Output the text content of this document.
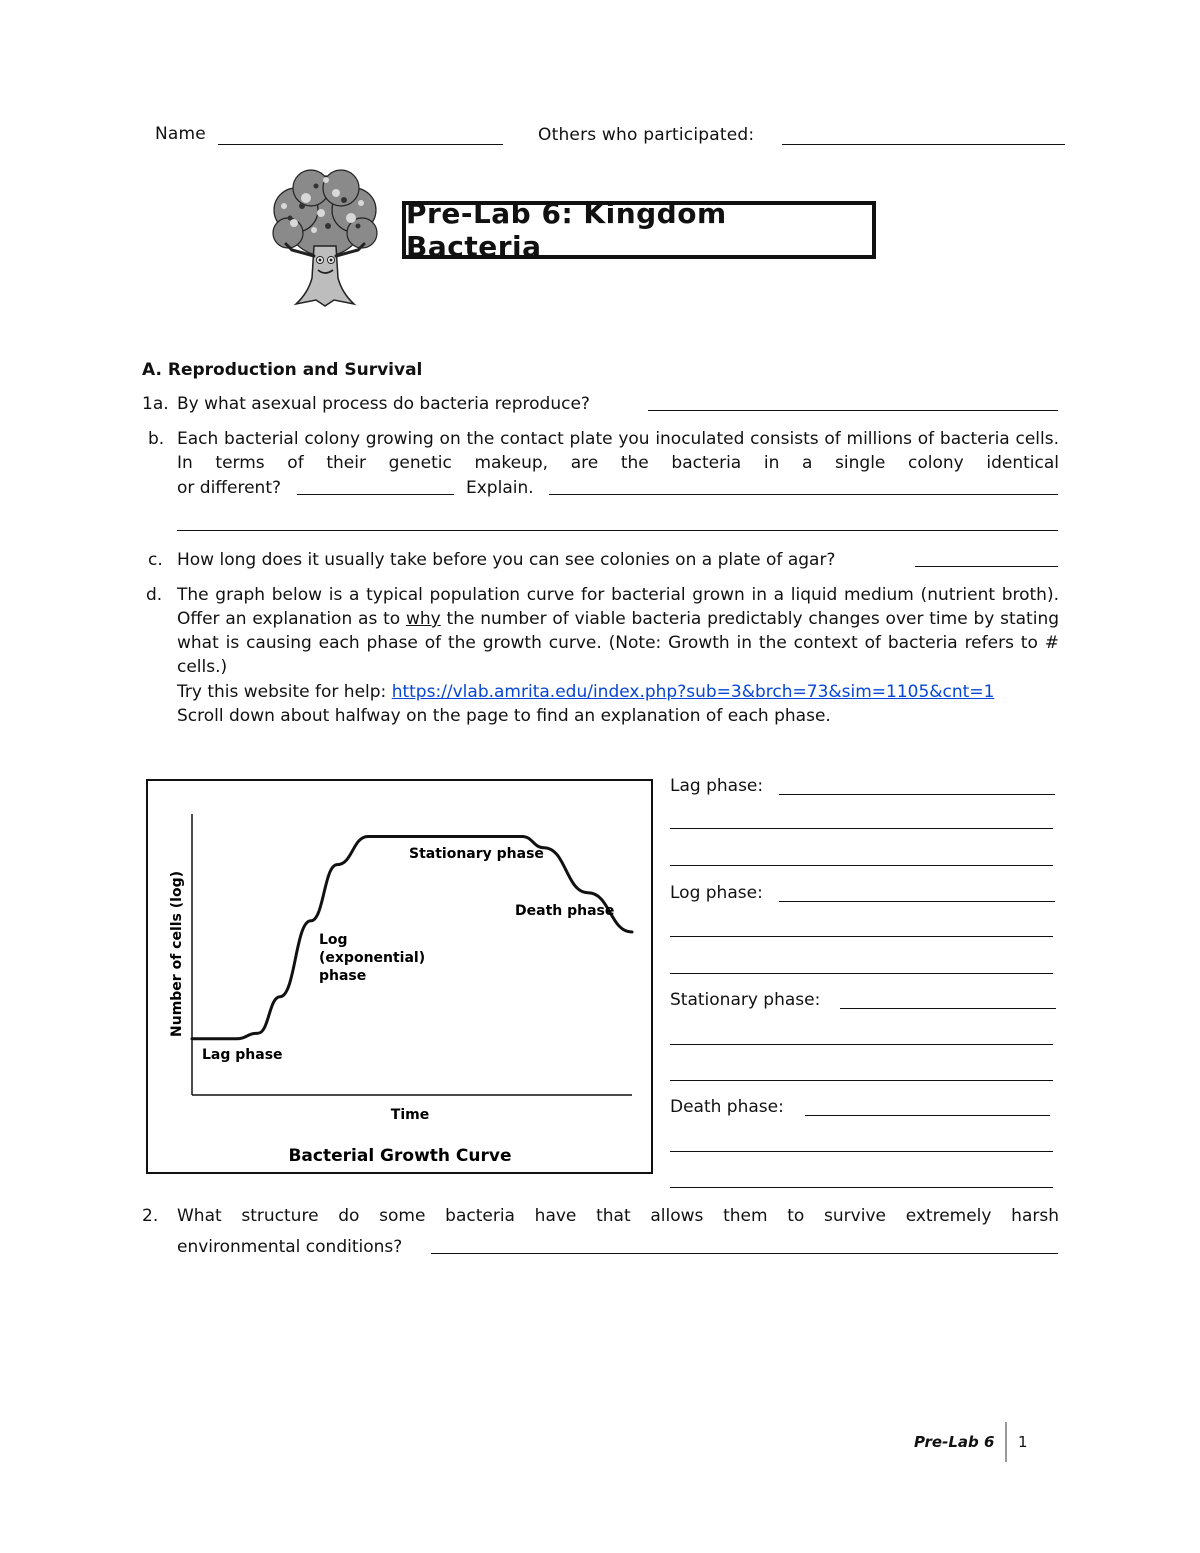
Name	Others who participated:
Pre-Lab 6: Kingdom Bacteria
A. Reproduction and Survival
1a. By what asexual process do bacteria reproduce?
b. Each bacterial colony growing on the contact plate you inoculated consists of millions of bacteria cells. In terms of their genetic makeup, are the bacteria in a single colony identical
or different?	Explain.
c. How long does it usually take before you can see colonies on a plate of agar?
d. The graph below is a typical population curve for bacterial grown in a liquid medium (nutrient broth). Offer an explanation as to why the number of viable bacteria predictably changes over time by stating what is causing each phase of the growth curve. (Note: Growth in the context of bacteria refers to # cells.)
Try this website for help: https://vlab.amrita.edu/index.php?sub=3&brch=73&sim=1105&cnt=1
Scroll down about halfway on the page to find an explanation of each phase.
Stationary phase
Death phase
Log
(exponential)
phase
Lag phase
Time
Number of cells (log)
Bacterial Growth Curve
Lag phase:
Log phase:
Stationary phase:
Death phase:
2. What structure do some bacteria have that allows them to survive extremely harsh
environmental conditions?
Pre-Lab 6 1
